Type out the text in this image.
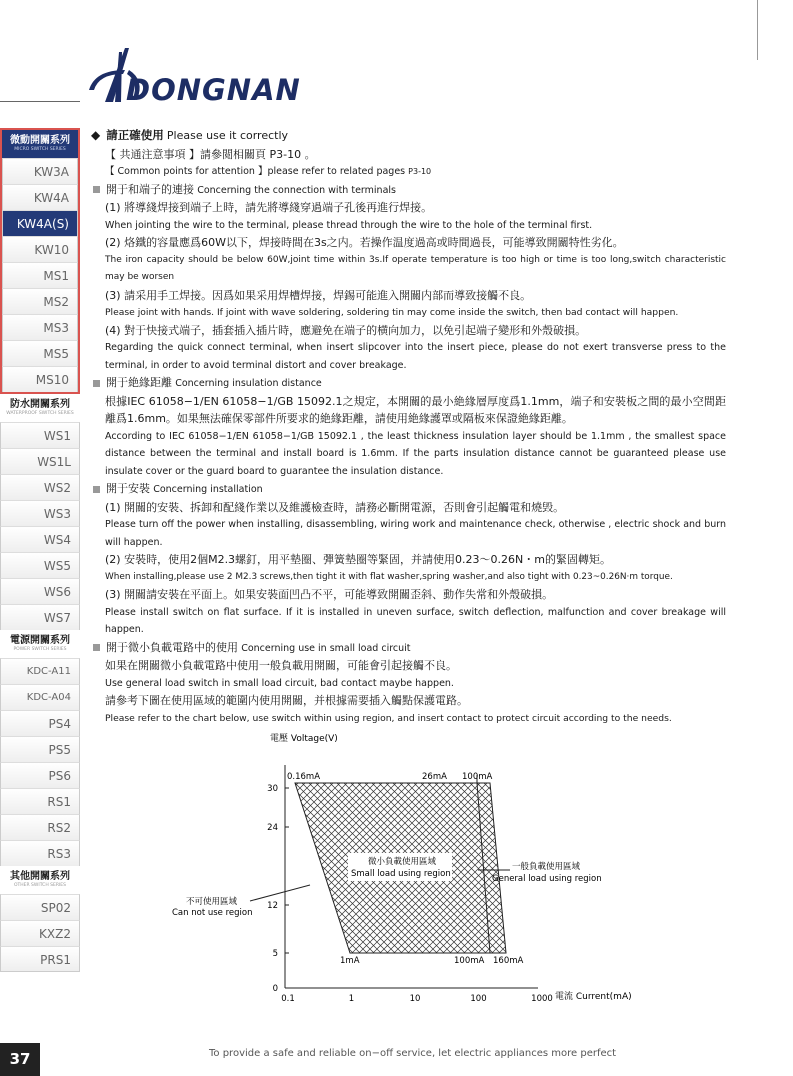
DONGNAN
微動開關系列
MICRO SWITCH SERIES
KW3A
KW4A
KW4A(S)
KW10
MS1
MS2
MS3
MS5
MS10
防水開關系列
WATERPROOF SWITCH SERIES
WS1
WS1L
WS2
WS3
WS4
WS5
WS6
WS7
電源開關系列
POWER SWITCH SERIES
KDC-A11
KDC-A04
PS4
PS5
PS6
RS1
RS2
RS3
其他開關系列
OTHER SWITCH SERIES
SP02
KXZ2
PRS1
◆ 請正確使用 Please use it correctly
【 共通注意事項 】請參閲相關頁 P3-10 。
【 Common points for attention 】please refer to related pages P3-10
開于和端子的連接 Concerning the connection with terminals
(1) 將導綫焊接到端子上時，請先將導綫穿過端子孔後再進行焊接。
When jointing the wire to the terminal, please thread through the wire to the hole of the terminal first.
(2) 烙鐵的容量應爲60W以下，焊接時間在3s之内。若操作温度過高或時間過長，可能導致開關特性劣化。
The iron capacity should be below 60W,joint time within 3s.If operate temperature is too high or time is too long,switch characteristic may be worsen
(3) 請采用手工焊接。因爲如果采用焊槽焊接，焊錫可能進入開關内部而導致接觸不良。
Please joint with hands. If joint with wave soldering, soldering tin may come inside the switch, then bad contact will happen.
(4) 對于快接式端子，插套插入插片時，應避免在端子的横向加力，以免引起端子變形和外殼破損。
Regarding the quick connect terminal, when insert slipcover into the insert piece, please do not exert transverse press to the terminal, in order to avoid terminal distort and cover breakage.
開于絶緣距離 Concerning insulation distance
根據IEC 61058−1/EN 61058−1/GB 15092.1之規定，本開關的最小絶緣層厚度爲1.1mm，端子和安裝板之間的最小空間距離爲1.6mm。如果無法確保零部件所要求的絶緣距離，請使用絶緣護罩或隔板來保證絶緣距離。
According to IEC 61058−1/EN 61058−1/GB 15092.1 , the least thickness insulation layer should be 1.1mm , the smallest space distance between the terminal and install board is 1.6mm. If the parts insulation distance cannot be guaranteed please use insulate cover or the guard board to guarantee the insulation distance.
開于安裝 Concerning installation
(1) 開關的安裝、拆卸和配綫作業以及維護檢查時，請務必斷開電源，否則會引起觸電和燒毁。
Please turn off the power when installing, disassembling, wiring work and maintenance check, otherwise , electric shock and burn will happen.
(2) 安裝時，使用2個M2.3螺釘，用平墊圈、彈簧墊圈等緊固，并請使用0.23～0.26N・m的緊固轉矩。
When installing,please use 2 M2.3 screws,then tight it with flat washer,spring washer,and also tight with 0.23~0.26N·m torque.
(3) 開關請安裝在平面上。如果安裝面凹凸不平，可能導致開關歪斜、動作失常和外殼破損。
Please install switch on flat surface. If it is installed in uneven surface, switch deflection, malfunction and cover breakage will happen.
開于微小負載電路中的使用 Concerning use in small load circuit
如果在開關微小負載電路中使用一般負載用開關，可能會引起接觸不良。
Use general load switch in small load circuit, bad contact maybe happen.
請參考下圖在使用區域的範圍内使用開關，并根據需要插入觸點保護電路。
Please refer to the chart below, use switch within using region, and insert contact to protect circuit according to the needs.
電壓 Voltage(V)
0
5
12
24
30
0.1	1	10	100	1000
0.16mA	26mA 100mA
1mA	100mA 160mA
微小負載使用區域
Small load using region
一般負載使用區域
General load using region
不可使用區域
Can not use region
電流 Current(mA)
37	To provide a safe and reliable on−off service, let electric appliances more perfect
